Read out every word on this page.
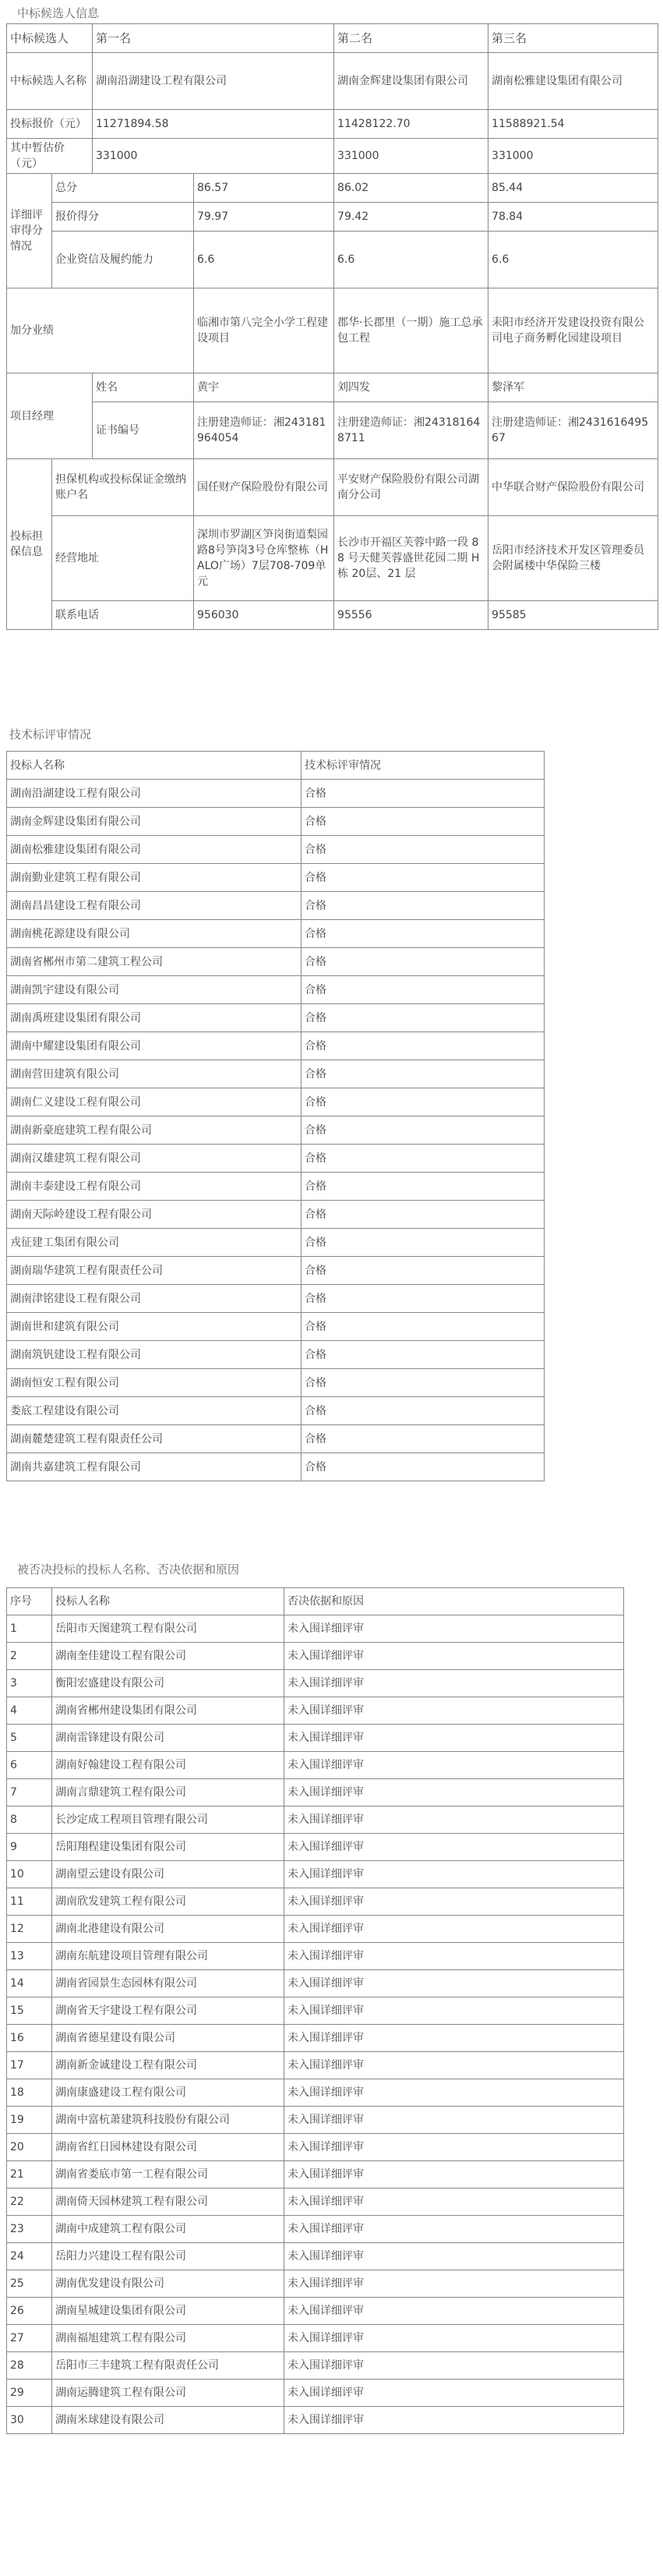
中标候选人信息
中标候选人		第一名		第二名	第三名
中标候选人名称		湖南沿湖建设工程有限公司		湖南金辉建设集团有限公司	湖南松雅建设集团有限公司
投标报价（元）		11271894.58		11428122.70	11588921.54
其中暂估价（元）		331000		331000	331000
详细评审得分情况	总分		86.57	86.02	85.44
	报价得分		79.97	79.42	78.84
	企业资信及履约能力		6.6	6.6	6.6
加分业绩			临湘市第八完全小学工程建设项目	郡华·长郡里（一期）施工总承包工程	耒阳市经济开发建设投资有限公司电子商务孵化园建设项目
项目经理		姓名	黄宇	刘四发	黎泽军
		证书编号	注册建造师证：湘243181964054	注册建造师证：湘243181648711	注册建造师证：湘243161649567
投标担保信息	担保机构或投标保证金缴纳账户名		国任财产保险股份有限公司	平安财产保险股份有限公司湖南分公司	中华联合财产保险股份有限公司
	经营地址		深圳市罗湖区笋岗街道梨园路8号笋岗3号仓库整栋（HALO广场）7层708-709单元	长沙市开福区芙蓉中路一段 88 号天健芙蓉盛世花园二期 H 栋 20层、21 层	岳阳市经济技术开发区管理委员会附属楼中华保险三楼
	联系电话		956030	95556	95585
技术标评审情况
投标人名称	技术标评审情况
湖南沿湖建设工程有限公司	合格
湖南金辉建设集团有限公司	合格
湖南松雅建设集团有限公司	合格
湖南勤业建筑工程有限公司	合格
湖南昌昌建设工程有限公司	合格
湖南桃花源建设有限公司	合格
湖南省郴州市第二建筑工程公司	合格
湖南凯宇建设有限公司	合格
湖南禹班建设集团有限公司	合格
湖南中耀建设集团有限公司	合格
湖南营田建筑有限公司	合格
湖南仁义建设工程有限公司	合格
湖南新豪庭建筑工程有限公司	合格
湖南汉雄建筑工程有限公司	合格
湖南丰泰建设工程有限公司	合格
湖南天际岭建设工程有限公司	合格
戎征建工集团有限公司	合格
湖南瑞华建筑工程有限责任公司	合格
湖南津铭建设工程有限公司	合格
湖南世和建筑有限公司	合格
湖南筑钒建设工程有限公司	合格
湖南恒安工程有限公司	合格
娄底工程建设有限公司	合格
湖南麓楚建筑工程有限责任公司	合格
湖南共嘉建筑工程有限公司	合格
被否决投标的投标人名称、否决依据和原因
序号	投标人名称	否决依据和原因
1	岳阳市天图建筑工程有限公司	未入围详细评审
2	湖南奎佳建设工程有限公司	未入围详细评审
3	衡阳宏盛建设有限公司	未入围详细评审
4	湖南省郴州建设集团有限公司	未入围详细评审
5	湖南雷锋建设有限公司	未入围详细评审
6	湖南好翰建设工程有限公司	未入围详细评审
7	湖南言鼎建筑工程有限公司	未入围详细评审
8	长沙定成工程项目管理有限公司	未入围详细评审
9	岳阳翔程建设集团有限公司	未入围详细评审
10	湖南望云建设有限公司	未入围详细评审
11	湖南欣发建筑工程有限公司	未入围详细评审
12	湖南北港建设有限公司	未入围详细评审
13	湖南东航建设项目管理有限公司	未入围详细评审
14	湖南省园景生态园林有限公司	未入围详细评审
15	湖南省天宇建设工程有限公司	未入围详细评审
16	湖南省德星建设有限公司	未入围详细评审
17	湖南新金诚建设工程有限公司	未入围详细评审
18	湖南康盛建设工程有限公司	未入围详细评审
19	湖南中富杭萧建筑科技股份有限公司	未入围详细评审
20	湖南省红日园林建设有限公司	未入围详细评审
21	湖南省娄底市第一工程有限公司	未入围详细评审
22	湖南倚天园林建筑工程有限公司	未入围详细评审
23	湖南中成建筑工程有限公司	未入围详细评审
24	岳阳力兴建设工程有限公司	未入围详细评审
25	湖南优发建设有限公司	未入围详细评审
26	湖南星城建设集团有限公司	未入围详细评审
27	湖南福旭建筑工程有限公司	未入围详细评审
28	岳阳市三丰建筑工程有限责任公司	未入围详细评审
29	湖南运腾建筑工程有限公司	未入围详细评审
30	湖南米球建设有限公司	未入围详细评审
